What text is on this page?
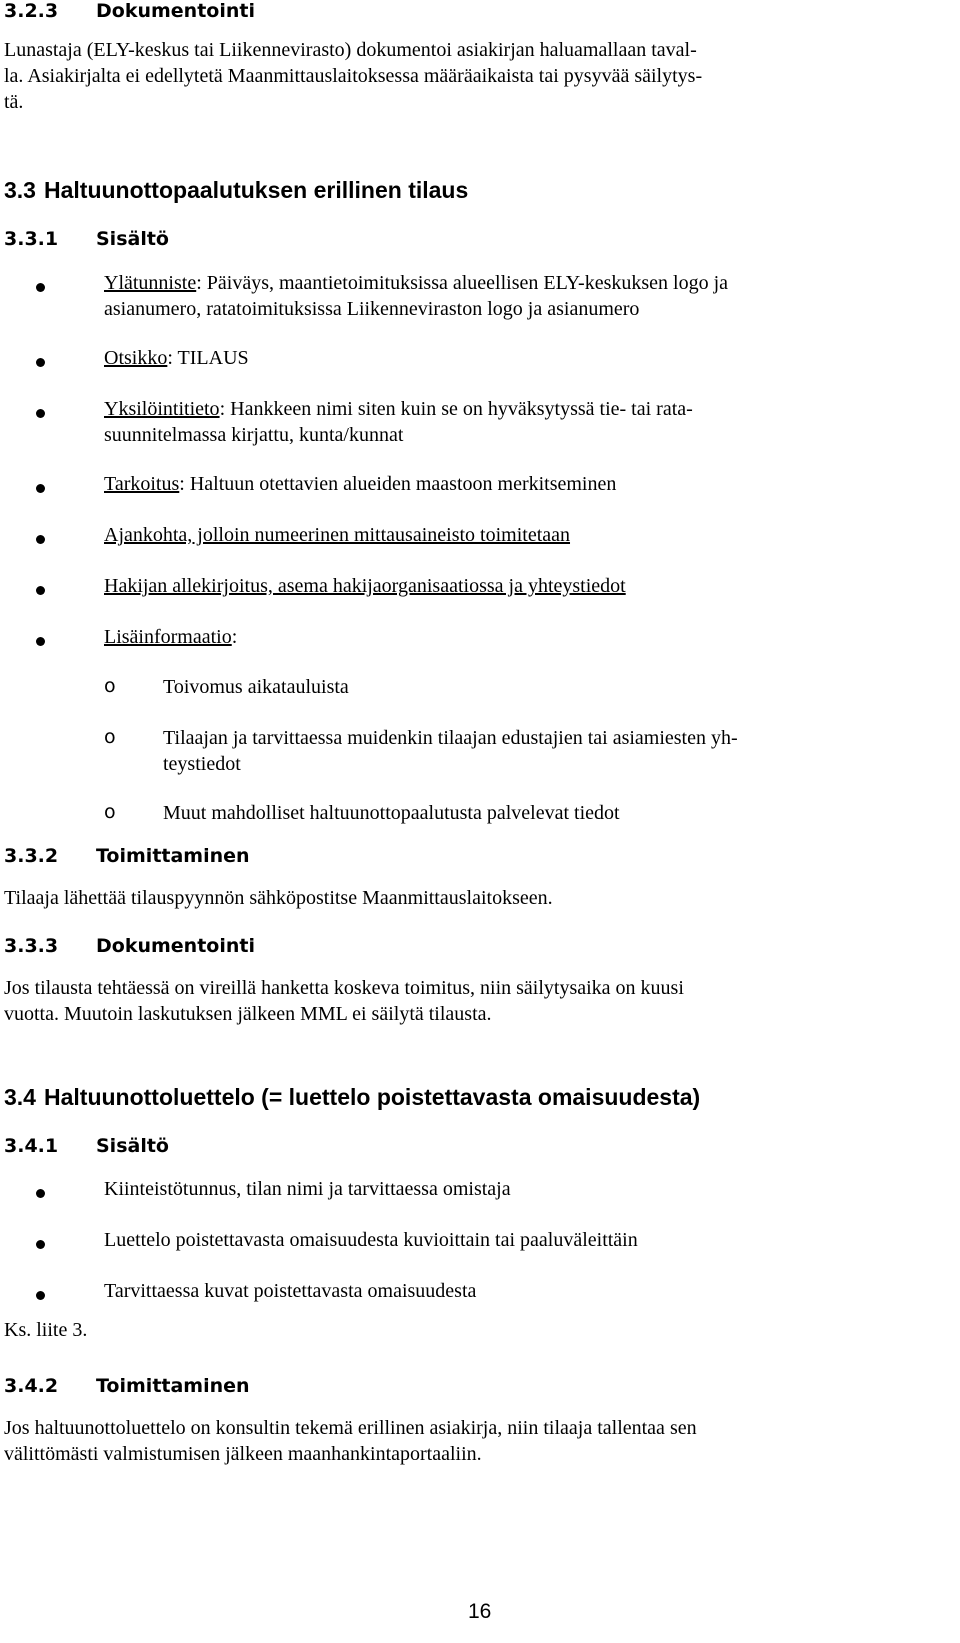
3.2.3 Dokumentointi
Lunastaja (ELY-keskus tai Liikennevirasto) dokumentoi asiakirjan haluamallaan taval-
la. Asiakirjalta ei edellytetä Maanmittauslaitoksessa määräaikaista tai pysyvää säilytys-
tä.
3.3 Haltuunottopaalutuksen erillinen tilaus
3.3.1 Sisältö
Ylätunniste: Päiväys, maantietoimituksissa alueellisen ELY-keskuksen logo ja
asianumero, ratatoimituksissa Liikenneviraston logo ja asianumero
Otsikko: TILAUS
Yksilöintitieto: Hankkeen nimi siten kuin se on hyväksytyssä tie- tai rata-
suunnitelmassa kirjattu, kunta/kunnat
Tarkoitus: Haltuun otettavien alueiden maastoon merkitseminen
Ajankohta, jolloin numeerinen mittausaineisto toimitetaan
Hakijan allekirjoitus, asema hakijaorganisaatiossa ja yhteystiedot
Lisäinformaatio:
o Toivomus aikatauluista
o Tilaajan ja tarvittaessa muidenkin tilaajan edustajien tai asiamiesten yh-
teystiedot
o Muut mahdolliset haltuunottopaalutusta palvelevat tiedot
3.3.2 Toimittaminen
Tilaaja lähettää tilauspyynnön sähköpostitse Maanmittauslaitokseen.
3.3.3 Dokumentointi
Jos tilausta tehtäessä on vireillä hanketta koskeva toimitus, niin säilytysaika on kuusi
vuotta. Muutoin laskutuksen jälkeen MML ei säilytä tilausta.
3.4 Haltuunottoluettelo (= luettelo poistettavasta omaisuudesta)
3.4.1 Sisältö
Kiinteistötunnus, tilan nimi ja tarvittaessa omistaja
Luettelo poistettavasta omaisuudesta kuvioittain tai paaluväleittäin
Tarvittaessa kuvat poistettavasta omaisuudesta
Ks. liite 3.
3.4.2 Toimittaminen
Jos haltuunottoluettelo on konsultin tekemä erillinen asiakirja, niin tilaaja tallentaa sen
välittömästi valmistumisen jälkeen maanhankintaportaaliin.
16
